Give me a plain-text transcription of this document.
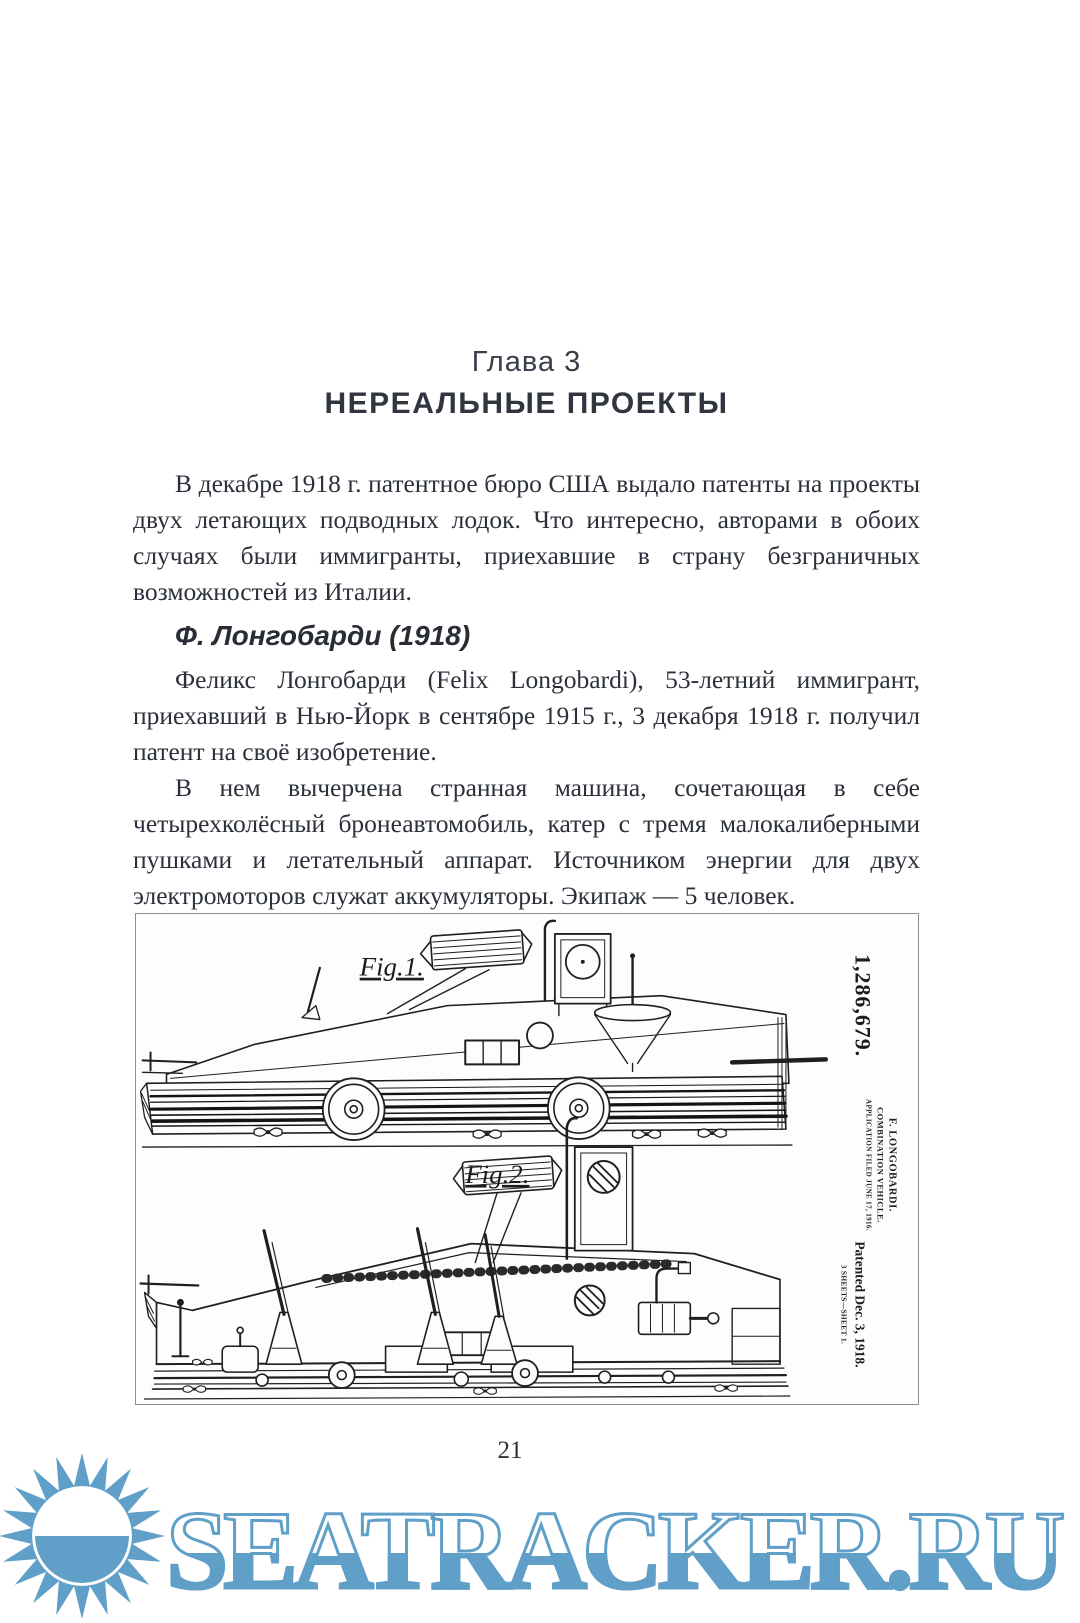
Глава 3
НЕРЕАЛЬНЫЕ ПРОЕКТЫ

В декабре 1918 г. патентное бюро США выдало патенты на проекты двух летающих подводных лодок. Что интересно, авторами в обоих случаях были иммигранты, приехавшие в страну безграничных возможностей из Италии.

Ф. Лонгобарди (1918)

Феликс Лонгобарди (Felix Longobardi), 53-летний иммигрант, приехавший в Нью-Йорк в сентябре 1915 г., 3 декабря 1918 г. получил патент на своё изобретение.

В нем вычерчена странная машина, сочетающая в себе четырехколёсный бронеавтомобиль, катер с тремя малокалиберными пушками и летательный аппарат. Источником энергии для двух электромоторов служат аккумуляторы. Экипаж — 5 человек.

Fig.1.
Fig.2.
1,286,679.
F. LONGOBARDI.
COMBINATION VEHICLE.
APPLICATION FILED JUNE 17, 1916.
Patented Dec. 3, 1918.
3 SHEETS—SHEET 1.
21
SEATRACKER.RU
